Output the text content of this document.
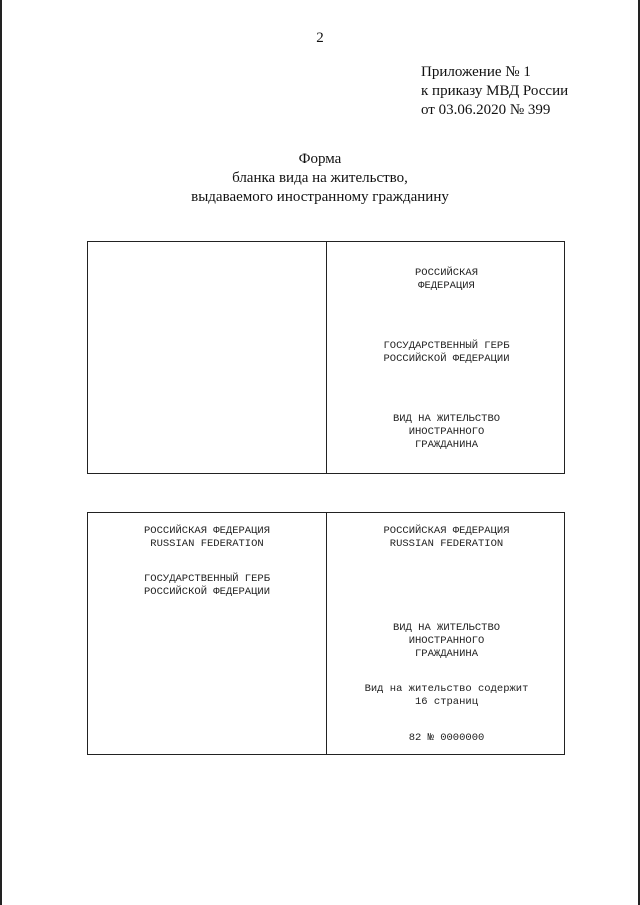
2
Приложение № 1
к приказу МВД России
от 03.06.2020 № 399
Форма
бланка вида на жительство,
выдаваемого иностранному гражданину
РОССИЙСКАЯ
ФЕДЕРАЦИЯ
ГОСУДАРСТВЕННЫЙ ГЕРБ
РОССИЙСКОЙ ФЕДЕРАЦИИ
ВИД НА ЖИТЕЛЬСТВО
ИНОСТРАННОГО
ГРАЖДАНИНА
РОССИЙСКАЯ ФЕДЕРАЦИЯ
RUSSIAN FEDERATION
ГОСУДАРСТВЕННЫЙ ГЕРБ
РОССИЙСКОЙ ФЕДЕРАЦИИ
РОССИЙСКАЯ ФЕДЕРАЦИЯ
RUSSIAN FEDERATION
ВИД НА ЖИТЕЛЬСТВО
ИНОСТРАННОГО
ГРАЖДАНИНА
Вид на жительство содержит
16 страниц
82 № 0000000
